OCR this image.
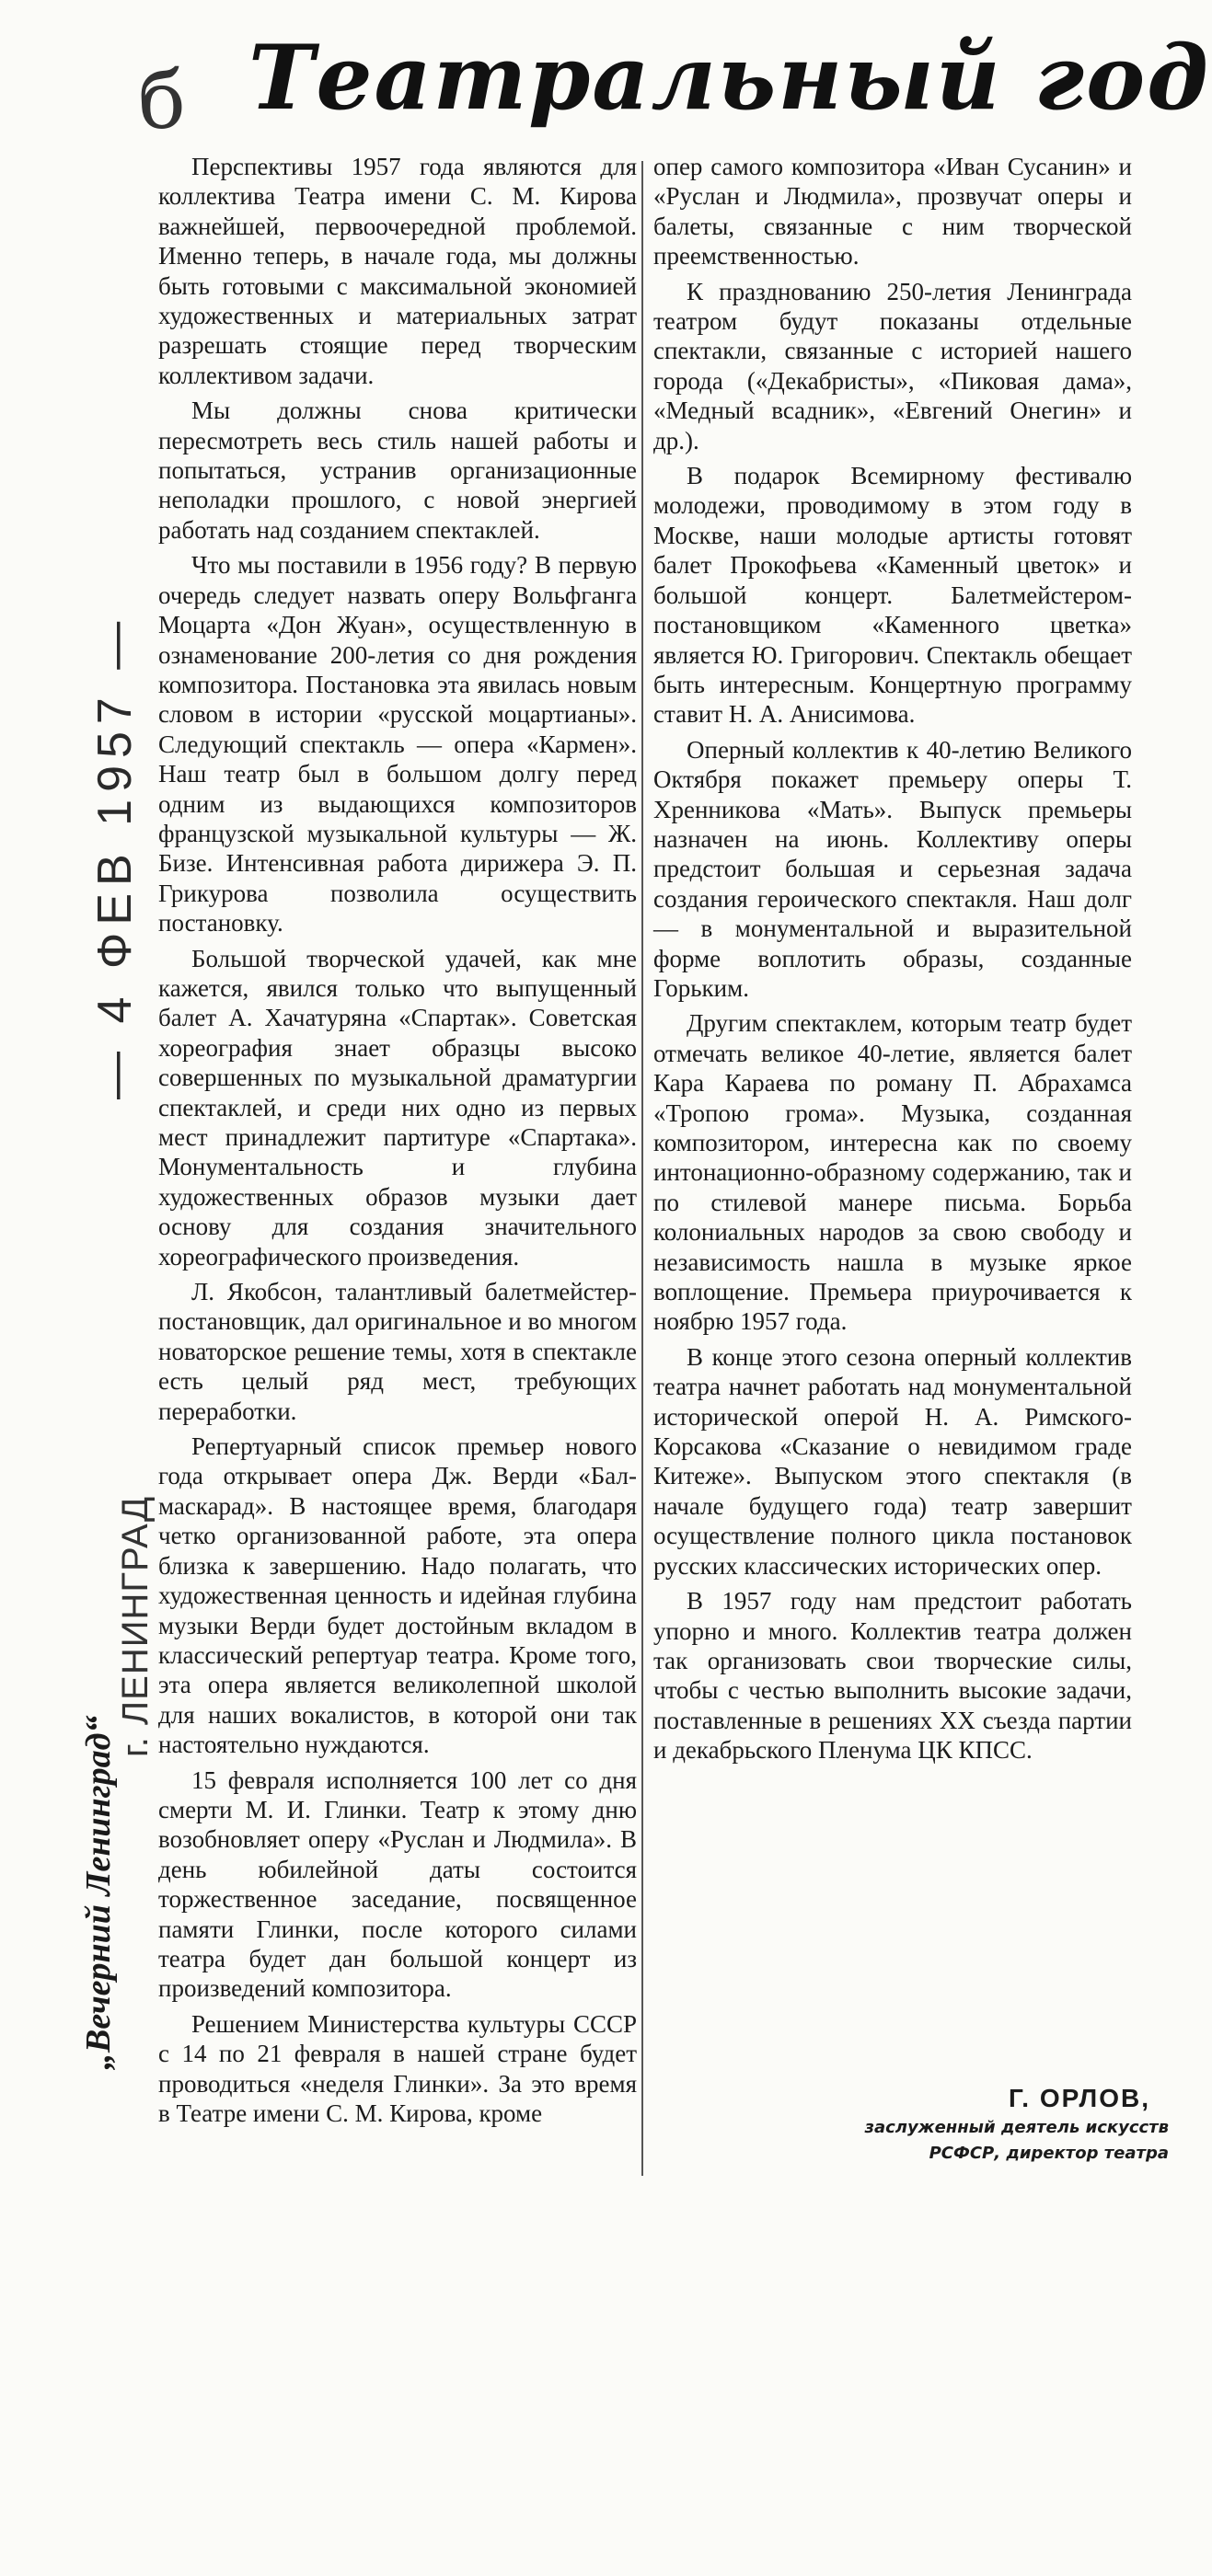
б Театральный год

Перспективы 1957 года являются для коллектива Театра имени С. М. Кирова важнейшей, первоочередной проблемой. Именно теперь, в начале года, мы должны быть готовыми с максимальной экономией художественных и материальных затрат разрешать стоящие перед творческим коллективом задачи.

Мы должны снова критически пересмотреть весь стиль нашей работы и попытаться, устранив организационные неполадки прошлого, с новой энергией работать над созданием спектаклей.

Что мы поставили в 1956 году? В первую очередь следует назвать оперу Вольфганга Моцарта «Дон Жуан», осуществленную в ознаменование 200-летия со дня рождения композитора. Постановка эта явилась новым словом в истории «русской моцартианы». Следующий спектакль — опера «Кармен». Наш театр был в большом долгу перед одним из выдающихся композиторов французской музыкальной культуры — Ж. Бизе. Интенсивная работа дирижера Э. П. Грикурова позволила осуществить постановку.

Большой творческой удачей, как мне кажется, явился только что выпущенный балет А. Хачатуряна «Спартак». Советская хореография знает образцы высоко совершенных по музыкальной драматургии спектаклей, и среди них одно из первых мест принадлежит партитуре «Спартака». Монументальность и глубина художественных образов музыки дает основу для создания значительного хореографического произведения.

Л. Якобсон, талантливый балетмейстер-постановщик, дал оригинальное и во многом новаторское решение темы, хотя в спектакле есть целый ряд мест, требующих переработки.

Репертуарный список премьер нового года открывает опера Дж. Верди «Бал-маскарад». В настоящее время, благодаря четко организованной работе, эта опера близка к завершению. Надо полагать, что художественная ценность и идейная глубина музыки Верди будет достойным вкладом в классический репертуар театра. Кроме того, эта опера является великолепной школой для наших вокалистов, в которой они так настоятельно нуждаются.

15 февраля исполняется 100 лет со дня смерти М. И. Глинки. Театр к этому дню возобновляет оперу «Руслан и Людмила». В день юбилейной даты состоится торжественное заседание, посвященное памяти Глинки, после которого силами театра будет дан большой концерт из произведений композитора.

Решением Министерства культуры СССР с 14 по 21 февраля в нашей стране будет проводиться «неделя Глинки». За это время в Театре имени С. М. Кирова, кроме

опер самого композитора «Иван Сусанин» и «Руслан и Людмила», прозвучат оперы и балеты, связанные с ним творческой преемственностью.

К празднованию 250-летия Ленинграда театром будут показаны отдельные спектакли, связанные с историей нашего города («Декабристы», «Пиковая дама», «Медный всадник», «Евгений Онегин» и др.).

В подарок Всемирному фестивалю молодежи, проводимому в этом году в Москве, наши молодые артисты готовят балет Прокофьева «Каменный цветок» и большой концерт. Балетмейстером-постановщиком «Каменного цветка» является Ю. Григорович. Спектакль обещает быть интересным. Концертную программу ставит Н. А. Анисимова.

Оперный коллектив к 40-летию Великого Октября покажет премьеру оперы Т. Хренникова «Мать». Выпуск премьеры назначен на июнь. Коллективу оперы предстоит большая и серьезная задача создания героического спектакля. Наш долг — в монументальной и выразительной форме воплотить образы, созданные Горьким.

Другим спектаклем, которым театр будет отмечать великое 40-летие, является балет Кара Караева по роману П. Абрахамса «Тропою грома». Музыка, созданная композитором, интересна как по своему интонационно-образному содержанию, так и по стилевой манере письма. Борьба колониальных народов за свою свободу и независимость нашла в музыке яркое воплощение. Премьера приурочивается к ноябрю 1957 года.

В конце этого сезона оперный коллектив театра начнет работать над монументальной исторической оперой Н. А. Римского-Корсакова «Сказание о невидимом граде Китеже». Выпуском этого спектакля (в начале будущего года) театр завершит осуществление полного цикла постановок русских классических исторических опер.

В 1957 году нам предстоит работать упорно и много. Коллектив театра должен так организовать свои творческие силы, чтобы с честью выполнить высокие задачи, поставленные в решениях XX съезда партии и декабрьского Пленума ЦК КПСС.

Г. ОРЛОВ,
заслуженный деятель искусств
РСФСР, директор театра
— 4 ФЕВ 1957 —
„Вечерний Ленинград“
г. ЛЕНИНГРАД
